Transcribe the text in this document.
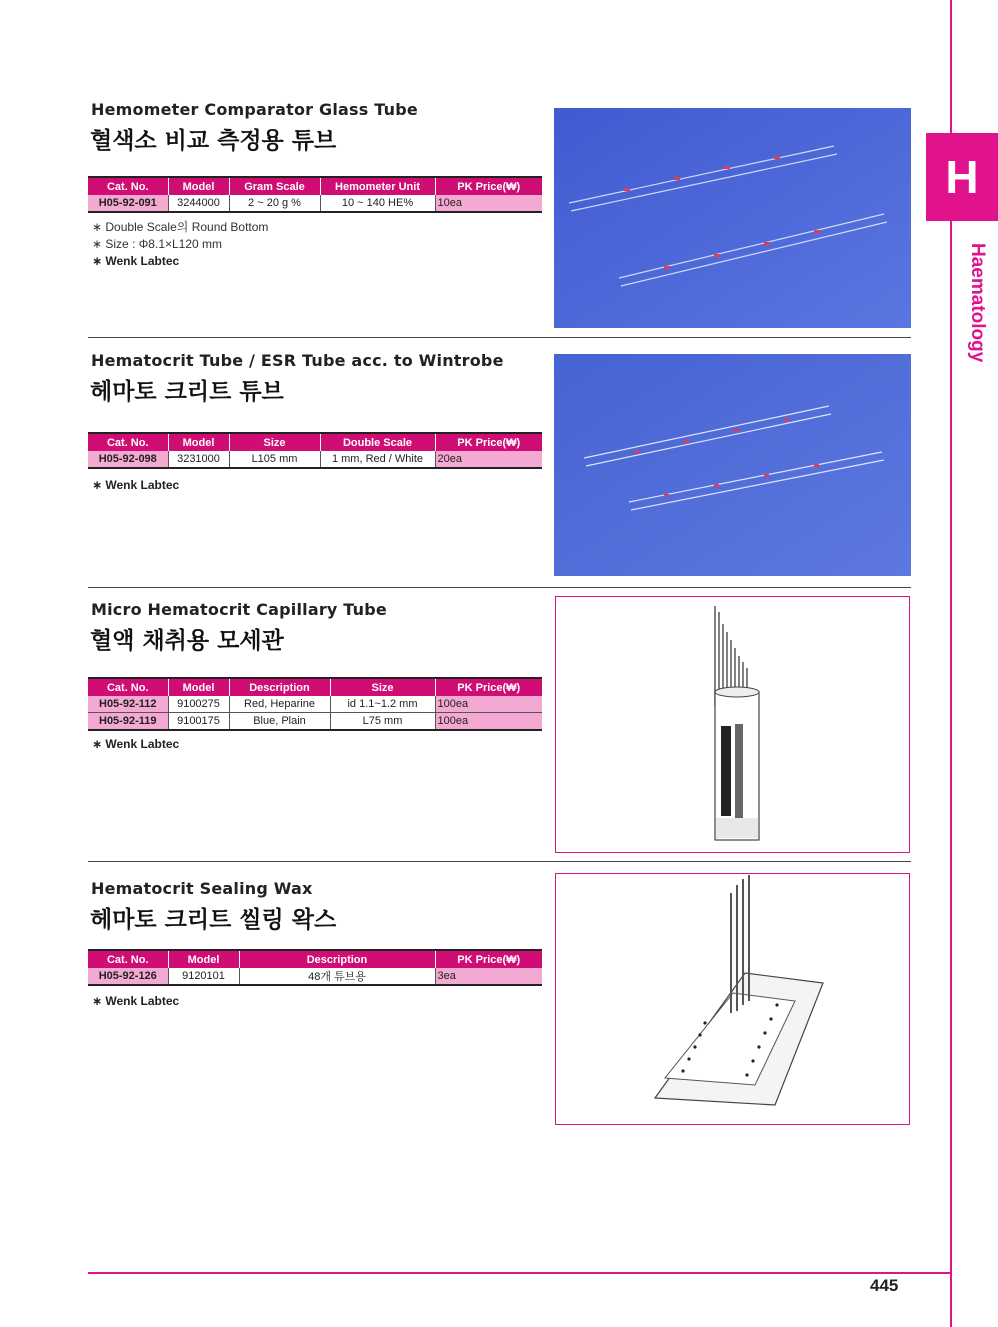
H
Haematology
Hemometer Comparator Glass Tube
혈색소 비교 측정용 튜브
Cat. No.	Model	Gram Scale	Hemometer Unit	PK Price(₩)
H05-92-091	3244000	2 ~ 20 g %	10 ~ 140 HE%	10ea
∗ Double Scale의 Round Bottom
∗ Size : Φ8.1×L120 mm
∗ Wenk Labtec
Hematocrit Tube / ESR Tube acc. to Wintrobe
헤마토 크리트 튜브
Cat. No.	Model	Size	Double Scale	PK Price(₩)
H05-92-098	3231000	L105 mm	1 mm, Red / White	20ea
∗ Wenk Labtec
Micro Hematocrit Capillary Tube
혈액 채취용 모세관
Cat. No.	Model	Description	Size	PK Price(₩)
H05-92-112	9100275	Red, Heparine	id 1.1~1.2 mm	100ea
H05-92-119	9100175	Blue, Plain	L75 mm	100ea
∗ Wenk Labtec
Hematocrit Sealing Wax
헤마토 크리트 씰링 왁스
Cat. No.	Model	Description	PK Price(₩)
H05-92-126	9120101	48개 튜브용	3ea
∗ Wenk Labtec
445
